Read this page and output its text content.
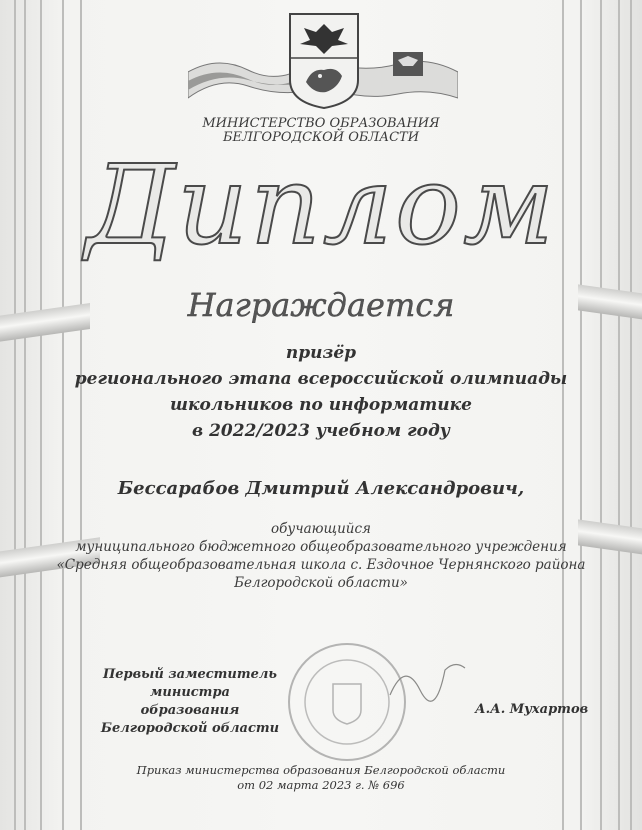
МИНИСТЕРСТВО ОБРАЗОВАНИЯ
БЕЛГОРОДСКОЙ ОБЛАСТИ
Диплом
Награждается
призёр
регионального этапа всероссийской олимпиады
школьников по информатике
в 2022/2023 учебном году
Бессарабов Дмитрий Александрович,
обучающийся
муниципального бюджетного общеобразовательного учреждения
«Средняя общеобразовательная школа с. Ездочное Чернянского района
Белгородской области»
Первый заместитель
министра образования
Белгородской области
А.А. Мухартов
Приказ министерства образования Белгородской области
от 02 марта 2023 г. № 696
